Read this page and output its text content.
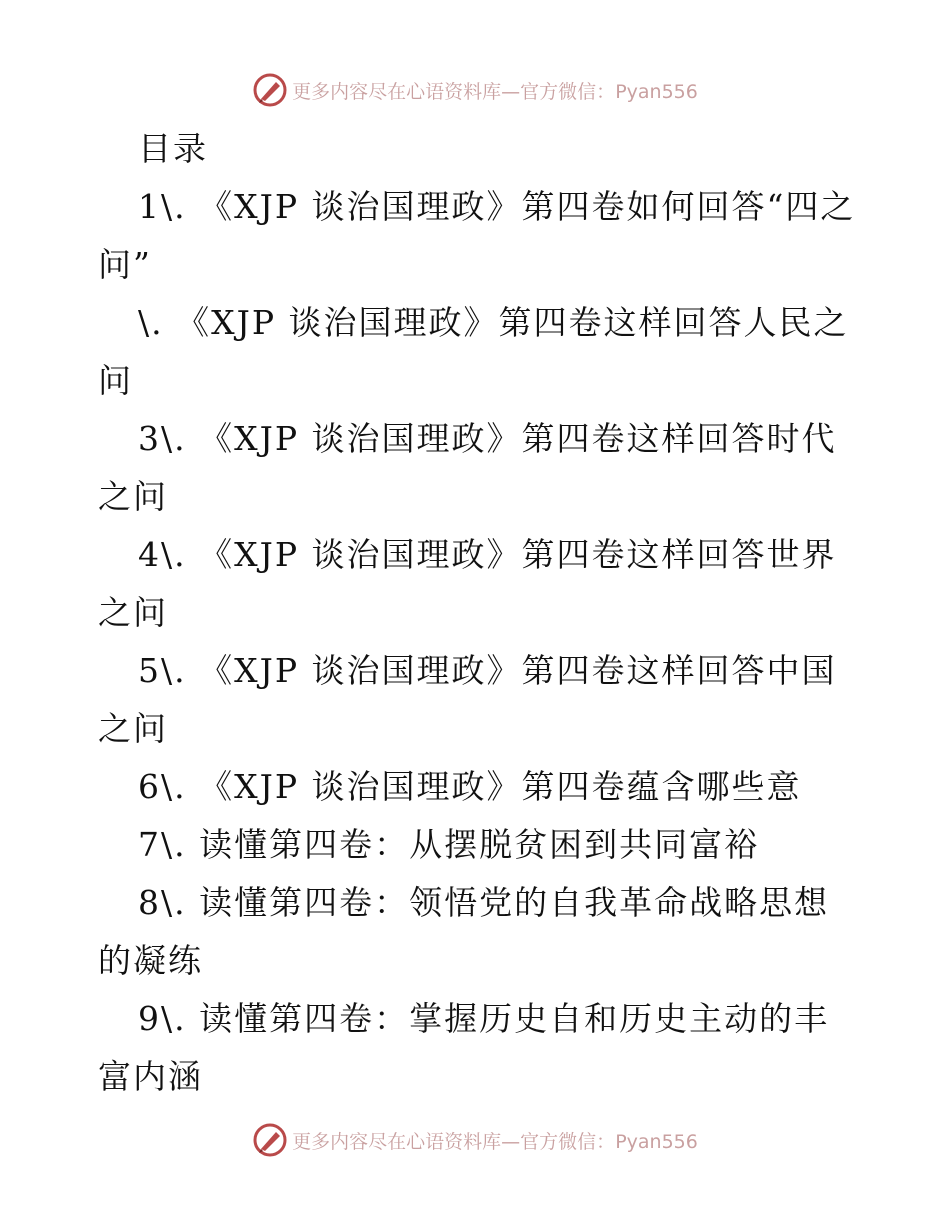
更多内容尽在心语资料库—官方微信：Pyan556

目录

1\. 《XJP 谈治国理政》第四卷如何回答“四之问”

\. 《XJP 谈治国理政》第四卷这样回答人民之问

3\. 《XJP 谈治国理政》第四卷这样回答时代之问

4\. 《XJP 谈治国理政》第四卷这样回答世界之问

5\. 《XJP 谈治国理政》第四卷这样回答中国之问

6\. 《XJP 谈治国理政》第四卷蕴含哪些意

7\. 读懂第四卷：从摆脱贫困到共同富裕

8\. 读懂第四卷：领悟党的自我革命战略思想的凝练

9\. 读懂第四卷：掌握历史自和历史主动的丰富内涵

更多内容尽在心语资料库—官方微信：Pyan556
